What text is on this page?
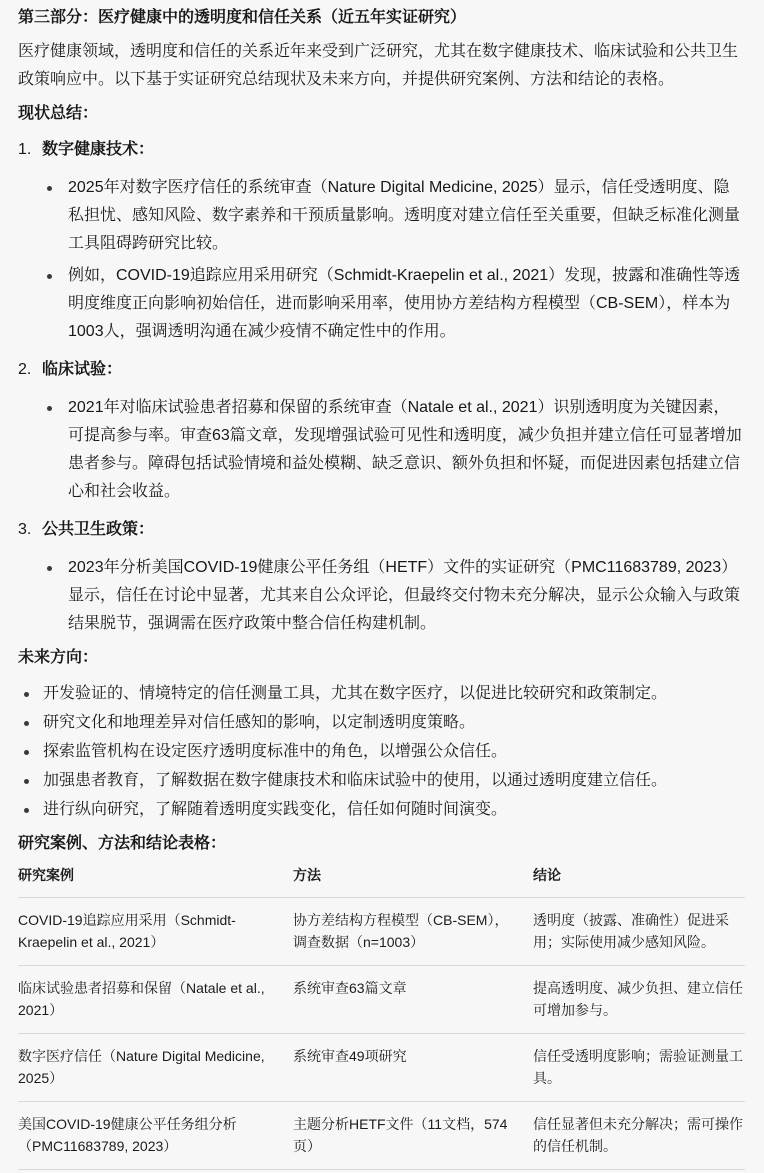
第三部分：医疗健康中的透明度和信任关系（近五年实证研究）

医疗健康领域，透明度和信任的关系近年来受到广泛研究，尤其在数字健康技术、临床试验和公共卫生政策响应中。以下基于实证研究总结现状及未来方向，并提供研究案例、方法和结论的表格。

现状总结：
1. 数字健康技术：
2025年对数字医疗信任的系统审查（Nature Digital Medicine, 2025）显示，信任受透明度、隐私担忧、感知风险、数字素养和干预质量影响。透明度对建立信任至关重要，但缺乏标准化测量工具阻碍跨研究比较。
例如，COVID-19追踪应用采用研究（Schmidt-Kraepelin et al., 2021）发现，披露和准确性等透明度维度正向影响初始信任，进而影响采用率，使用协方差结构方程模型（CB-SEM），样本为1003人，强调透明沟通在减少疫情不确定性中的作用。
2. 临床试验：
2021年对临床试验患者招募和保留的系统审查（Natale et al., 2021）识别透明度为关键因素，可提高参与率。审查63篇文章，发现增强试验可见性和透明度，减少负担并建立信任可显著增加患者参与。障碍包括试验情境和益处模糊、缺乏意识、额外负担和怀疑，而促进因素包括建立信心和社会收益。
3. 公共卫生政策：
2023年分析美国COVID-19健康公平任务组（HETF）文件的实证研究（PMC11683789, 2023）显示，信任在讨论中显著，尤其来自公众评论，但最终交付物未充分解决，显示公众输入与政策结果脱节，强调需在医疗政策中整合信任构建机制。
未来方向：
开发验证的、情境特定的信任测量工具，尤其在数字医疗，以促进比较研究和政策制定。
研究文化和地理差异对信任感知的影响，以定制透明度策略。
探索监管机构在设定医疗透明度标准中的角色，以增强公众信任。
加强患者教育，了解数据在数字健康技术和临床试验中的使用，以通过透明度建立信任。
进行纵向研究，了解随着透明度实践变化，信任如何随时间演变。
研究案例、方法和结论表格：
研究案例	方法	结论
COVID-19追踪应用采用（Schmidt-Kraepelin et al., 2021）	协方差结构方程模型（CB-SEM），调查数据（n=1003）	透明度（披露、准确性）促进采用；实际使用减少感知风险。
临床试验患者招募和保留（Natale et al., 2021）	系统审查63篇文章	提高透明度、减少负担、建立信任可增加参与。
数字医疗信任（Nature Digital Medicine, 2025）	系统审查49项研究	信任受透明度影响；需验证测量工具。
美国COVID-19健康公平任务组分析（PMC11683789, 2023）	主题分析HETF文件（11文档，574页）	信任显著但未充分解决；需可操作的信任机制。
